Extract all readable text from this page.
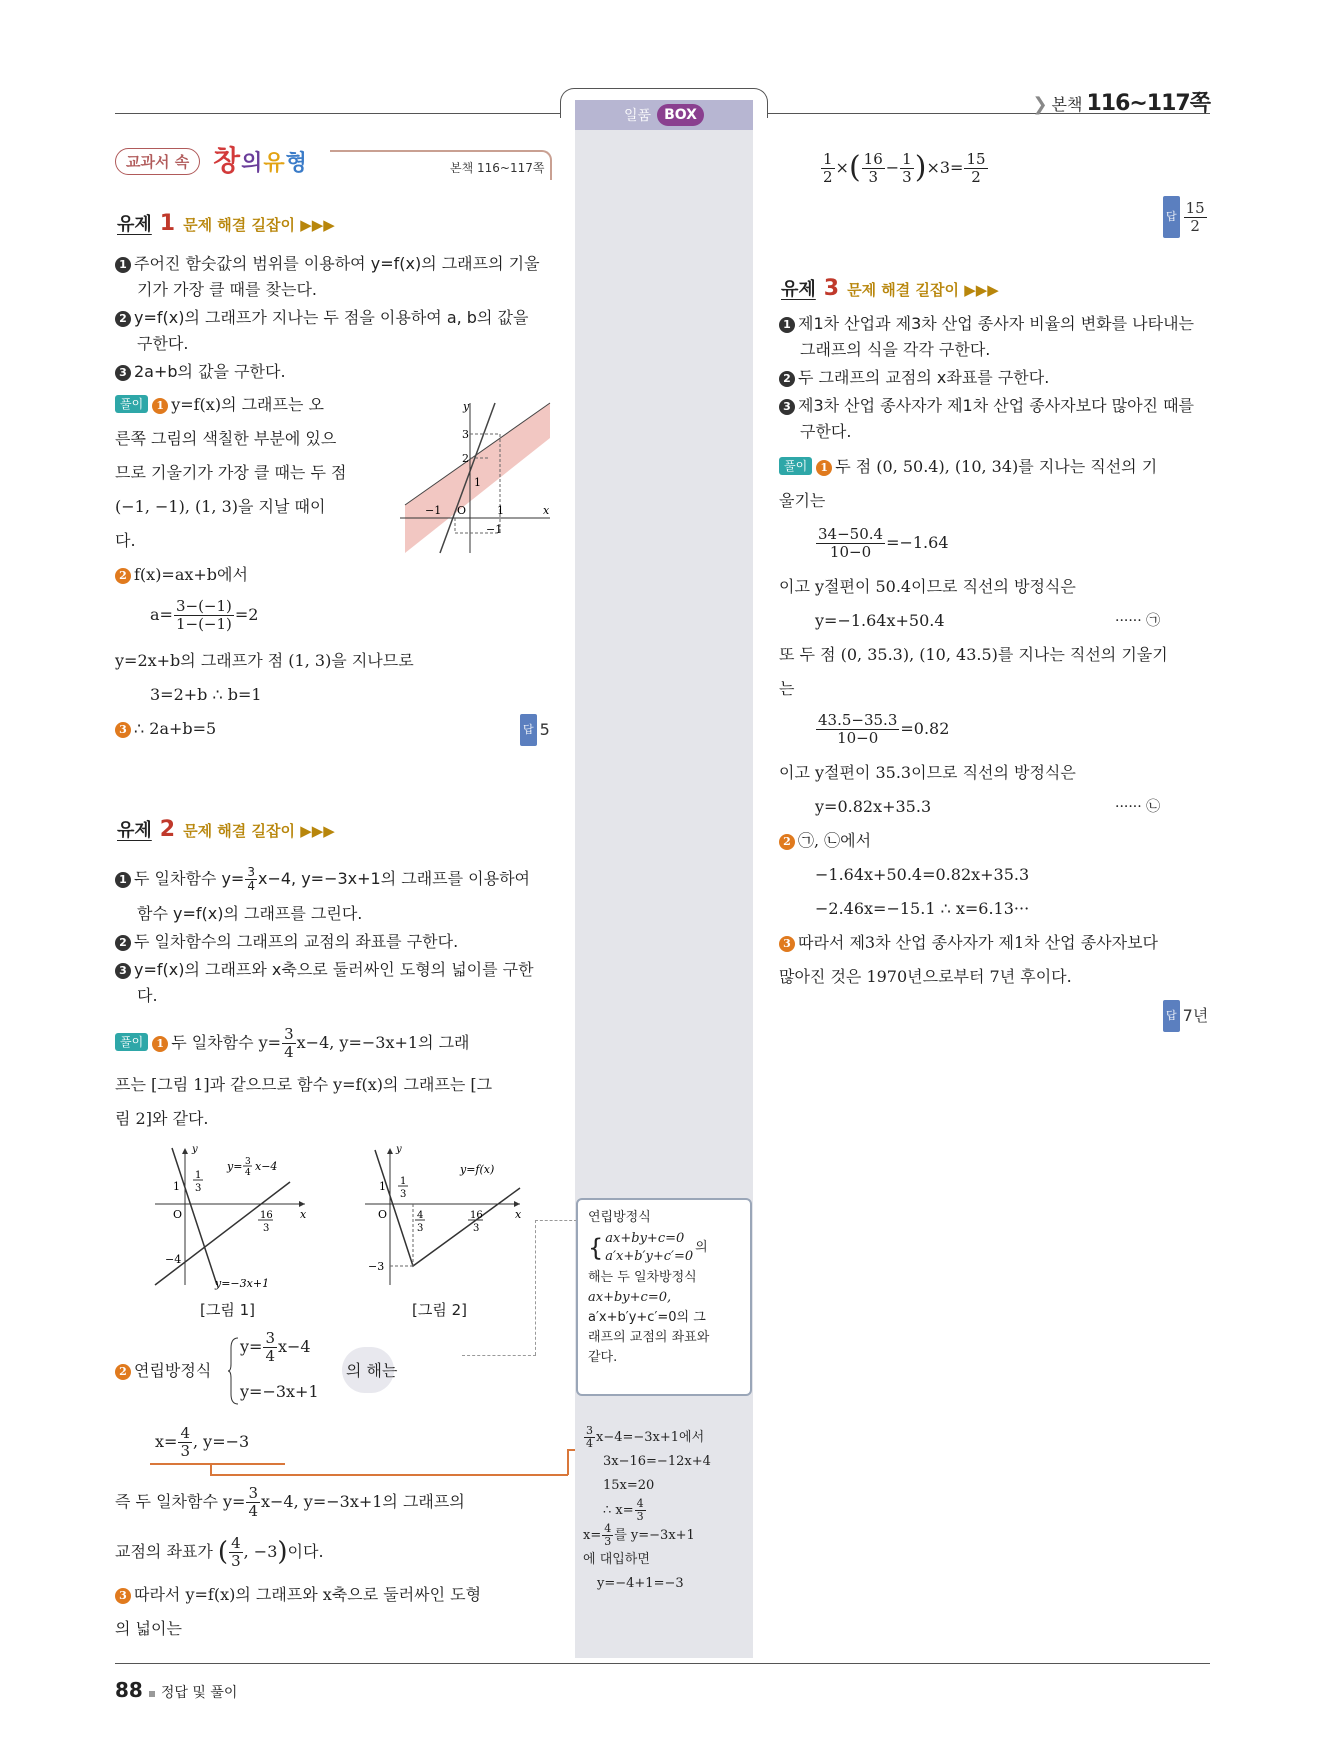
일품 BOX	❯ 본책 116~117쪽
교과서 속 창의유형	본책 116~117쪽
유제 1 문제 해결 길잡이 ▶▶▶
1 주어진 함숫값의 범위를 이용하여 y=f(x)의 그래프의 기울
기가 가장 클 때를 찾는다.
2 y=f(x)의 그래프가 지나는 두 점을 이용하여 a, b의 값을
구한다.
3 2a+b의 값을 구한다.
풀이 1 y=f(x)의 그래프는 오
른쪽 그림의 색칠한 부분에 있으
므로 기울기가 가장 클 때는 두 점
(−1, −1), (1, 3)을 지날 때이
다.
3
2
1
−1 O	1	x
y
−1
2 f(x)=ax+b에서
$a= \frac{3-(-1)}{1-(-1)} =2$
y=2x+b의 그래프가 점 (1, 3)을 지나므로
3=2+b ∴ b=1
3 ∴ 2a+b=5	답 5
유제 2 문제 해결 길잡이 ▶▶▶
1 두 일차함수 $y= \frac{3}{4} x-4$, y=−3x+1의 그래프를 이용하여
함수 y=f(x)의 그래프를 그린다.
2 두 일차함수의 그래프의 교점의 좌표를 구한다.
3 y=f(x)의 그래프와 x축으로 둘러싸인 도형의 넓이를 구한
다.
풀이 1 두 일차함수 $y= \frac{3}{4} x-4$, y=−3x+1의 그래
프는 [그림 1]과 같으므로 함수 y=f(x)의 그래프는 [그
림 2]와 같다.
y
x
O
1
−4
1
3
16
3
y= 3
4 x−4
y=−3x+1
[그림 1]
y
x
O
1
−3
1
3
4
3
16
3
y=f(x)
[그림 2]
2 연립방정식
$y= \frac{3}{4} x-4$
y=−3x+1
의 해는
$x= \frac{4}{3}$ , y=−3
즉 두 일차함수 $y= \frac{3}{4} x-4$, y=−3x+1의 그래프의
교점의 좌표가 ( $\frac{4}{3}$ , −3)이다.
3 따라서 y=f(x)의 그래프와 x축으로 둘러싸인 도형
의 넓이는
연립방정식
{ ax+by+c=0
a′x+b′y+c′=0
의
해는 두 일차방정식
ax+by+c=0,
a′x+b′y+c′=0의 그
래프의 교점의 좌표와
같다.
$\frac{3}{4} x-4=-3x+1$에서
3x−16=−12x+4
15x=20
∴ $x= \frac{4}{3}$
$x= \frac{4}{3}$ 를 y=−3x+1
에 대입하면
y=−4+1=−3
$\frac{1}{2}$ ×( $\frac{16}{3} - \frac{1}{3} )\times 3= \frac{15}{2}$
답 $\frac{15}{2}$
유제 3 문제 해결 길잡이 ▶▶▶
1 제1차 산업과 제3차 산업 종사자 비율의 변화를 나타내는
그래프의 식을 각각 구한다.
2 두 그래프의 교점의 x좌표를 구한다.
3 제3차 산업 종사자가 제1차 산업 종사자보다 많아진 때를
구한다.
풀이 1 두 점 (0, 50.4), (10, 34)를 지나는 직선의 기
울기는
$\frac{34-50.4}{10-0} =-1.64$
이고 y절편이 50.4이므로 직선의 방정식은
y=−1.64x+50.4	······ ㉠
또 두 점 (0, 35.3), (10, 43.5)를 지나는 직선의 기울기
는
$\frac{43.5-35.3}{10-0} =0.82$
이고 y절편이 35.3이므로 직선의 방정식은
y=0.82x+35.3	······ ㉡
2 ㉠, ㉡에서
−1.64x+50.4=0.82x+35.3
−2.46x=−15.1 ∴ x=6.13···
3 따라서 제3차 산업 종사자가 제1차 산업 종사자보다
많아진 것은 1970년으로부터 7년 후이다.
답 7년
88 정답 및 풀이
